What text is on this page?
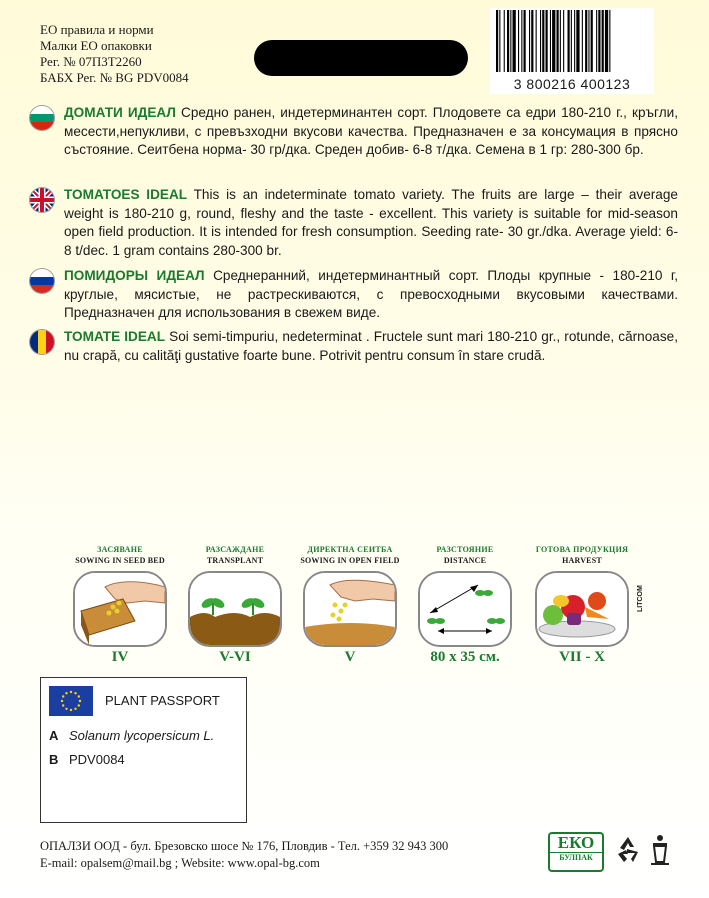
ЕО правила и норми
Малки ЕО опаковки
Рег. № 07П3Т2260
БАБХ Рег. № BG PDV0084	3 800216 400123
ДОМАТИ ИДЕАЛ Средно ранен, индетерминантен сорт. Плодовете са едри 180-210 г., кръгли, месести,непукливи, с превъзходни вкусови качества. Предназначен е за консумация в прясно състояние. Сеитбена норма- 30 гр/дка. Среден добив- 6-8 т/дка. Семена в 1 гр: 280-300 бр.
TOMATOES IDEAL This is an indeterminate tomato variety. The fruits are large – their average weight is 180-210 g, round, fleshy and the taste - excellent. This variety is suitable for mid-season open field production. It is intended for fresh consumption. Seeding rate- 30 gr./dka. Average yield: 6-8 t/dec. 1 gram contains 280-300 br.
ПОМИДОРЫ ИДЕАЛ Среднеранний, индетерминантный сорт. Плоды крупные - 180-210 г, круглые, мясистые, не растрескиваются, с превосходными вкусовыми качествами. Предназначен для использования в свежем виде.
TOMATE IDEAL Soi semi-timpuriu, nedeterminat . Fructele sunt mari 180-210 gr., rotunde, cărnoase, nu crapă, cu calităţi gustative foarte bune. Potrivit pentru consum în stare crudă.
ЗАСЯВАНЕ
SOWING IN SEED BED
IV
РАЗСАЖДАНЕ
TRANSPLANT
V-VI
ДИРЕКТНА СЕИТБА
SOWING IN OPEN FIELD
V
РАЗСТОЯНИЕ
DISTANCE
80 x 35 см.
ГОТОВА ПРОДУКЦИЯ
HARVEST
VII - X
LITCOM
PLANT PASSPORT
A Solanum lycopersicum L.
B PDV0084
ОПАЛЗИ ООД - бул. Брезовско шосе № 176, Пловдив - Тел. +359 32 943 300
E-mail: opalsem@mail.bg ; Website: www.opal-bg.com
ЕКО
БУЛПАК
